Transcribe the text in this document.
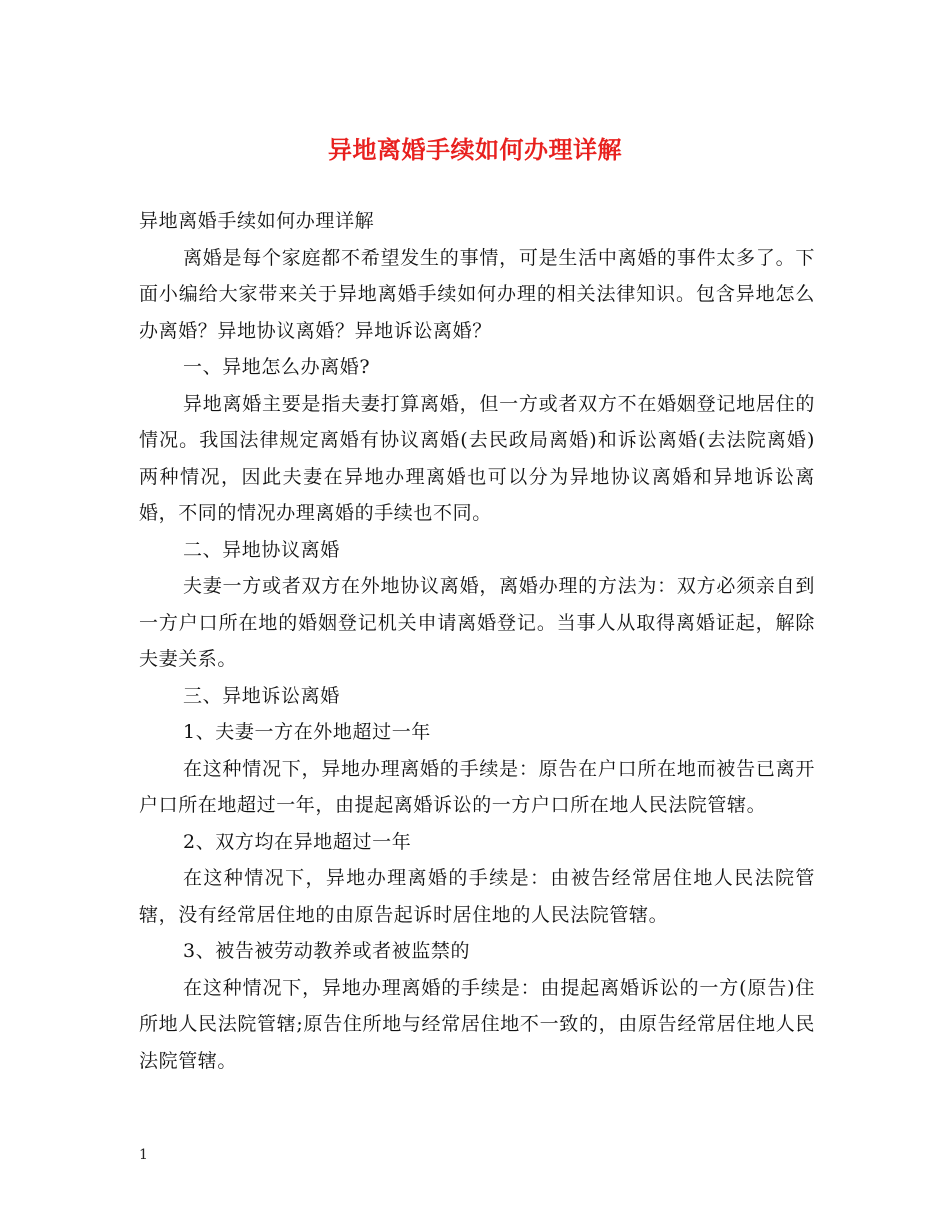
异地离婚手续如何办理详解

异地离婚手续如何办理详解

离婚是每个家庭都不希望发生的事情，可是生活中离婚的事件太多了。下面小编给大家带来关于异地离婚手续如何办理的相关法律知识。包含异地怎么办离婚？异地协议离婚？异地诉讼离婚？

一、异地怎么办离婚?

异地离婚主要是指夫妻打算离婚，但一方或者双方不在婚姻登记地居住的情况。我国法律规定离婚有协议离婚(去民政局离婚)和诉讼离婚(去法院离婚)两种情况，因此夫妻在异地办理离婚也可以分为异地协议离婚和异地诉讼离婚，不同的情况办理离婚的手续也不同。

二、异地协议离婚

夫妻一方或者双方在外地协议离婚，离婚办理的方法为：双方必须亲自到一方户口所在地的婚姻登记机关申请离婚登记。当事人从取得离婚证起，解除夫妻关系。

三、异地诉讼离婚

1、夫妻一方在外地超过一年

在这种情况下，异地办理离婚的手续是：原告在户口所在地而被告已离开户口所在地超过一年，由提起离婚诉讼的一方户口所在地人民法院管辖。

2、双方均在异地超过一年

在这种情况下，异地办理离婚的手续是：由被告经常居住地人民法院管辖，没有经常居住地的由原告起诉时居住地的人民法院管辖。

3、被告被劳动教养或者被监禁的

在这种情况下，异地办理离婚的手续是：由提起离婚诉讼的一方(原告)住所地人民法院管辖;原告住所地与经常居住地不一致的，由原告经常居住地人民法院管辖。

1
